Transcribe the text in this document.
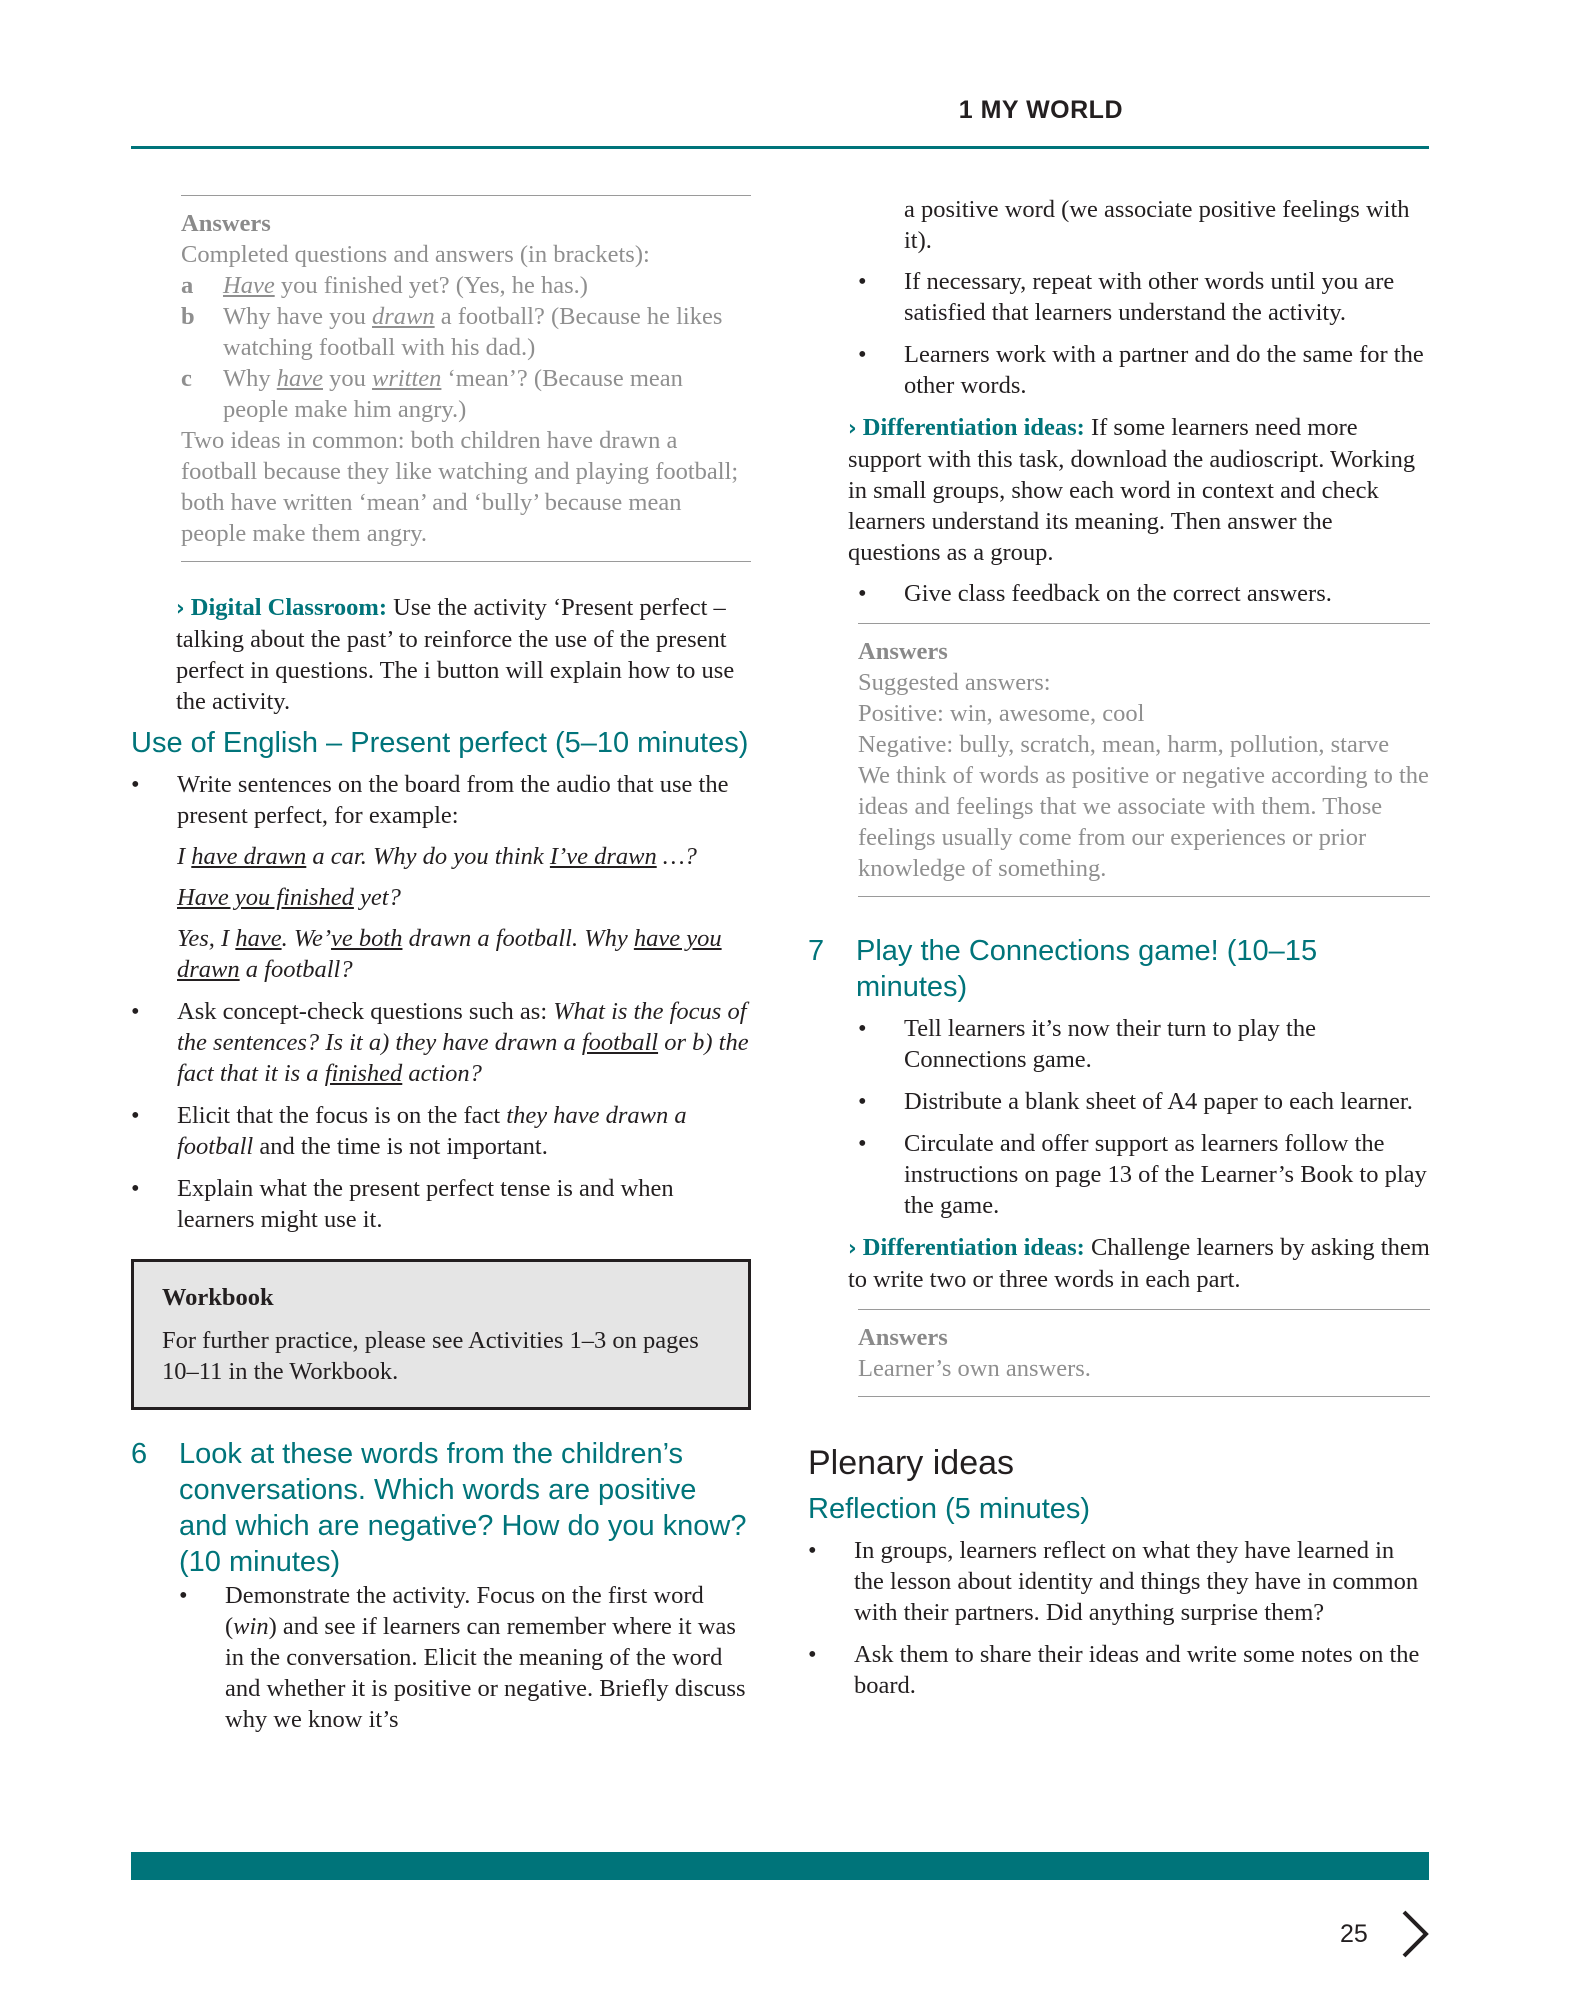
1 MY WORLD
Answers
Completed questions and answers (in brackets):
a	Have you finished yet? (Yes, he has.)
b	Why have you drawn a football? (Because he likes watching football with his dad.)
c	Why have you written ‘mean’? (Because mean people make him angry.)
Two ideas in common: both children have drawn a football because they like watching and playing football; both have written ‘mean’ and ‘bully’ because mean people make them angry.
› Digital Classroom: Use the activity ‘Present perfect – talking about the past’ to reinforce the use of the present perfect in questions. The i button will explain how to use the activity.
Use of English – Present perfect (5–10 minutes)
• Write sentences on the board from the audio that use the present perfect, for example:
I have drawn a car. Why do you think I’ve drawn …?
Have you finished yet?
Yes, I have. We’ve both drawn a football. Why have you drawn a football?
• Ask concept-check questions such as: What is the focus of the sentences? Is it a) they have drawn a football or b) the fact that it is a finished action?
• Elicit that the focus is on the fact they have drawn a football and the time is not important.
• Explain what the present perfect tense is and when learners might use it.
Workbook
For further practice, please see Activities 1–3 on pages 10–11 in the Workbook.
6	Look at these words from the children’s conversations. Which words are positive and which are negative? How do you know? (10 minutes)
• Demonstrate the activity. Focus on the first word (win) and see if learners can remember where it was in the conversation. Elicit the meaning of the word and whether it is positive or negative. Briefly discuss why we know it’s
a positive word (we associate positive feelings with it).
• If necessary, repeat with other words until you are satisfied that learners understand the activity.
• Learners work with a partner and do the same for the other words.
› Differentiation ideas: If some learners need more support with this task, download the audioscript. Working in small groups, show each word in context and check learners understand its meaning. Then answer the questions as a group.
• Give class feedback on the correct answers.
Answers
Suggested answers:
Positive: win, awesome, cool
Negative: bully, scratch, mean, harm, pollution, starve
We think of words as positive or negative according to the ideas and feelings that we associate with them. Those feelings usually come from our experiences or prior knowledge of something.
7	Play the Connections game! (10–15 minutes)
• Tell learners it’s now their turn to play the Connections game.
• Distribute a blank sheet of A4 paper to each learner.
• Circulate and offer support as learners follow the instructions on page 13 of the Learner’s Book to play the game.
› Differentiation ideas: Challenge learners by asking them to write two or three words in each part.
Answers
Learner’s own answers.
Plenary ideas
Reflection (5 minutes)
• In groups, learners reflect on what they have learned in the lesson about identity and things they have in common with their partners. Did anything surprise them?
• Ask them to share their ideas and write some notes on the board.
25
